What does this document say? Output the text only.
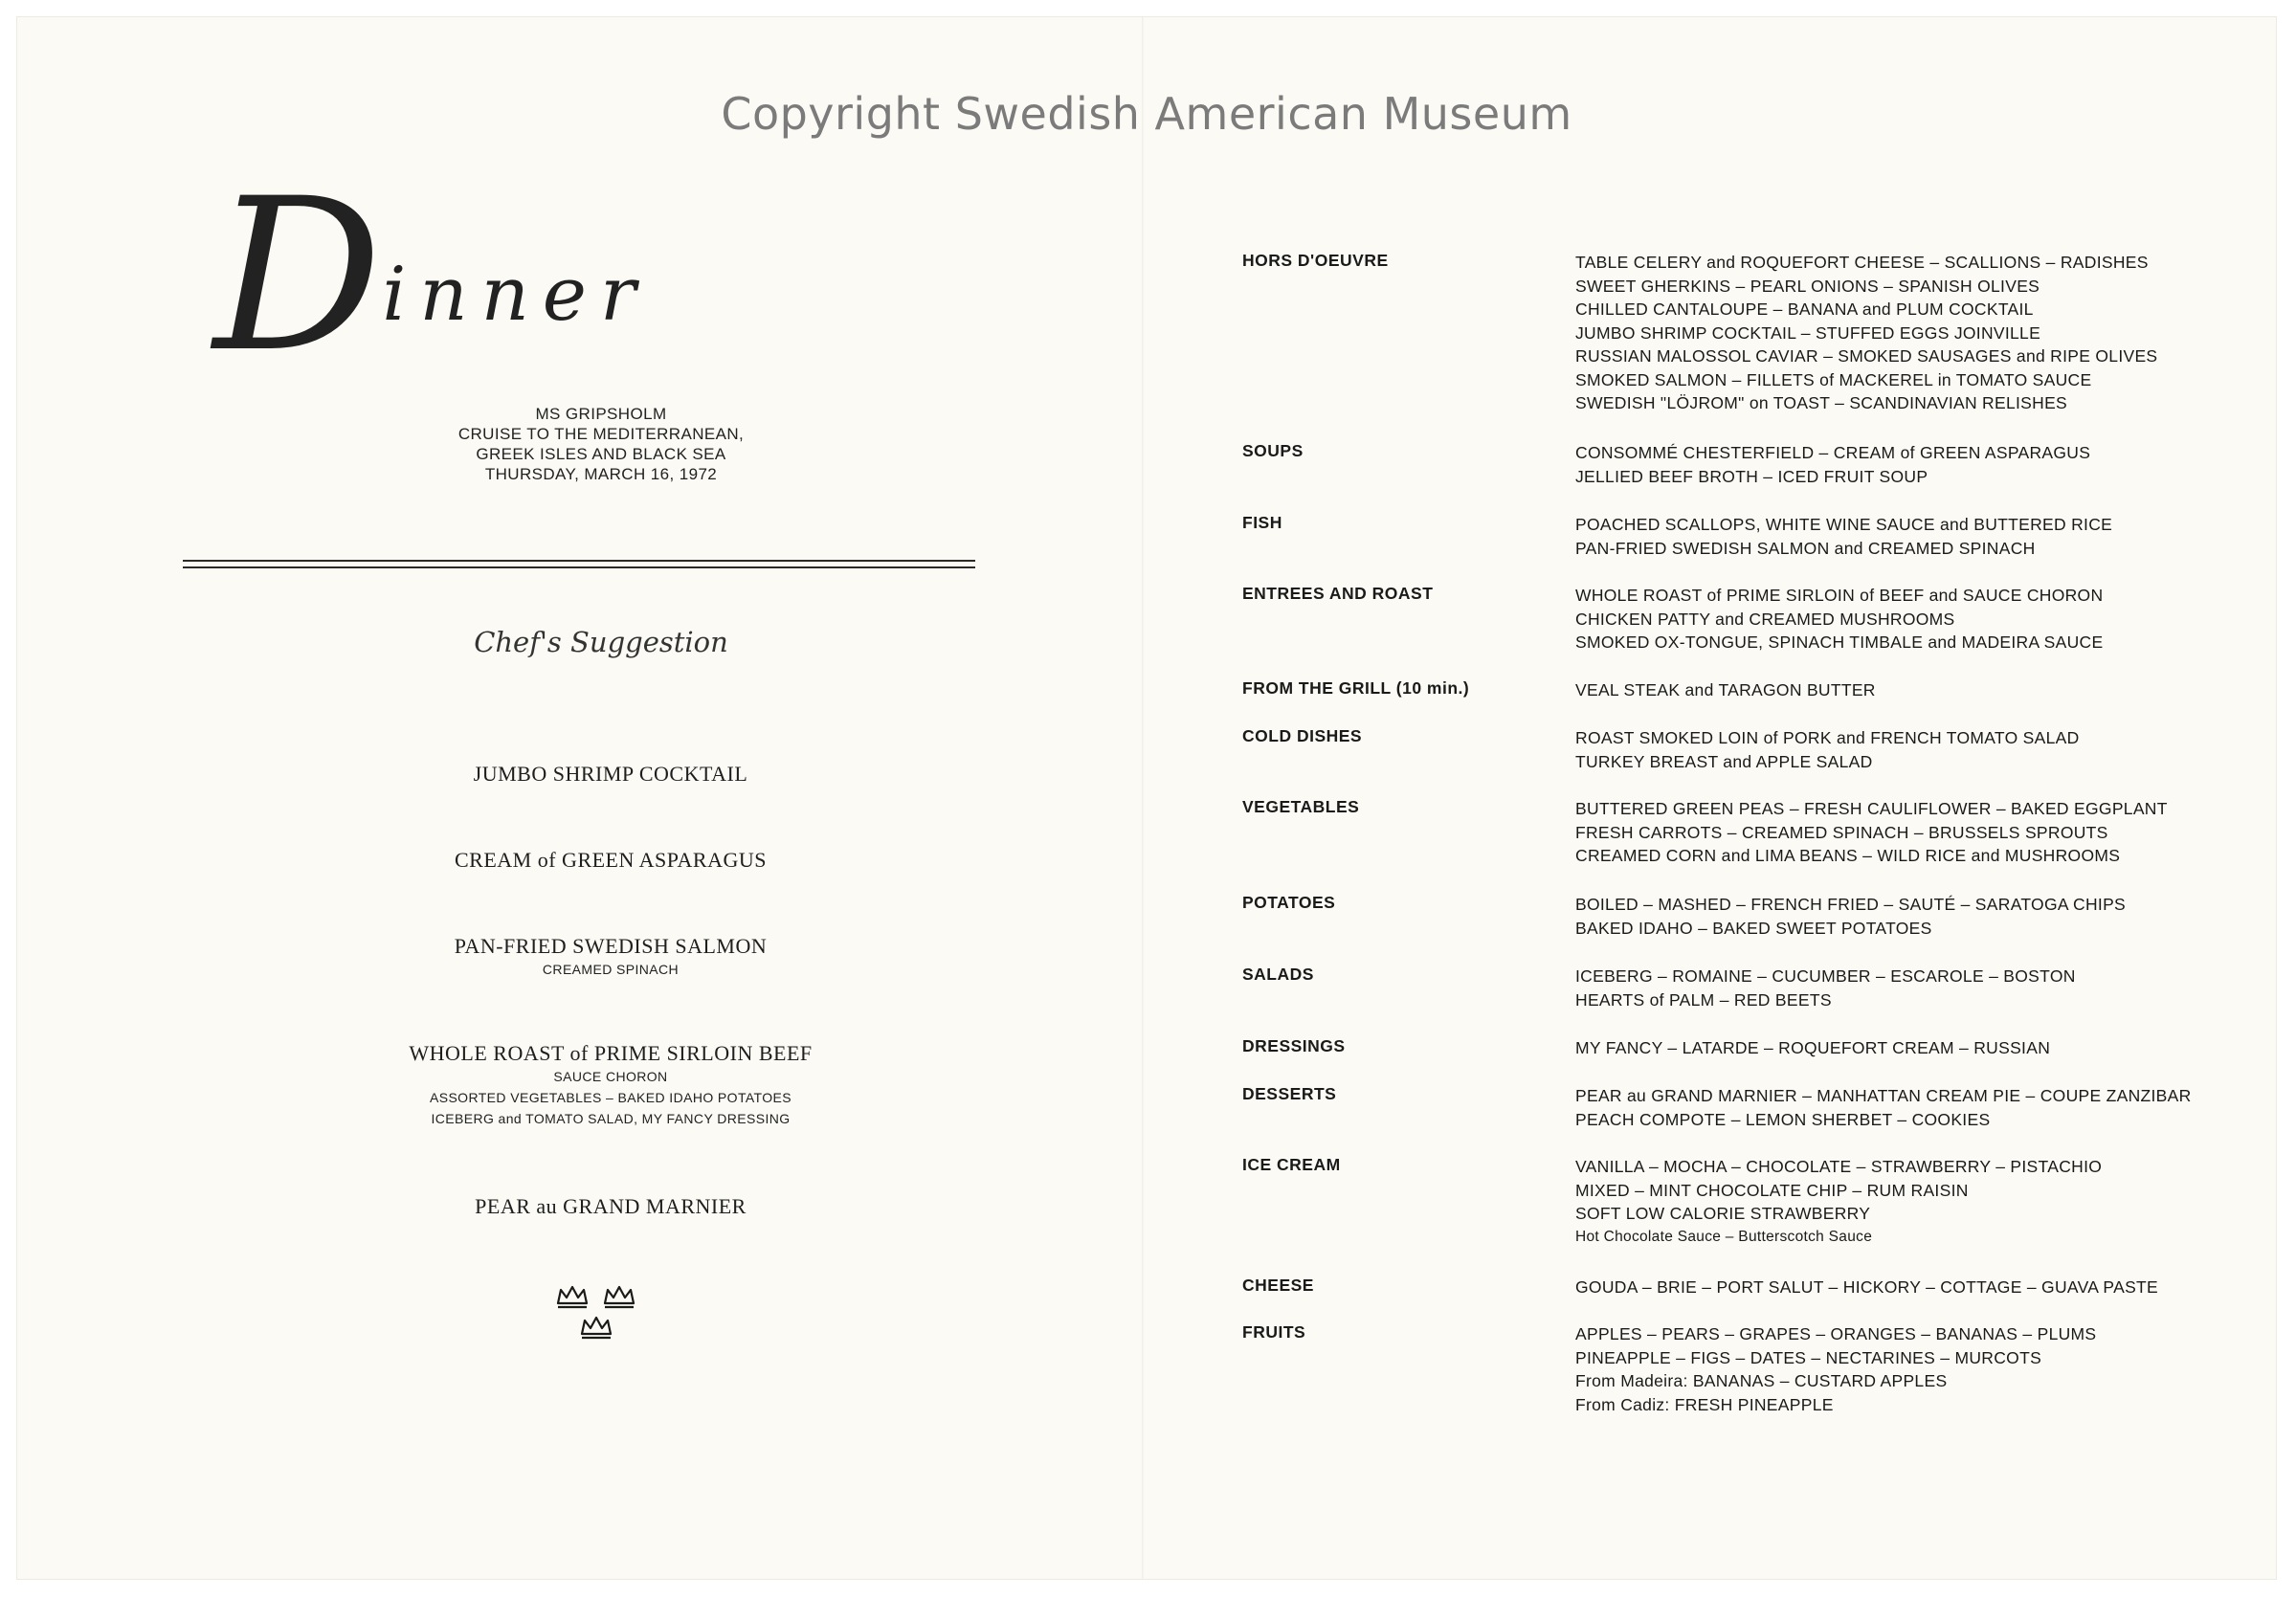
Copyright Swedish American Museum
Dinner
MS GRIPSHOLM
CRUISE TO THE MEDITERRANEAN,
GREEK ISLES AND BLACK SEA
THURSDAY, MARCH 16, 1972
Chef's Suggestion
JUMBO SHRIMP COCKTAIL
CREAM of GREEN ASPARAGUS
PAN-FRIED SWEDISH SALMON
CREAMED SPINACH
WHOLE ROAST of PRIME SIRLOIN BEEF
SAUCE CHORON
ASSORTED VEGETABLES – BAKED IDAHO POTATOES
ICEBERG and TOMATO SALAD, MY FANCY DRESSING
PEAR au GRAND MARNIER
HORS D'OEUVRE	TABLE CELERY and ROQUEFORT CHEESE – SCALLIONS – RADISHES
SWEET GHERKINS – PEARL ONIONS – SPANISH OLIVES
CHILLED CANTALOUPE – BANANA and PLUM COCKTAIL
JUMBO SHRIMP COCKTAIL – STUFFED EGGS JOINVILLE
RUSSIAN MALOSSOL CAVIAR – SMOKED SAUSAGES and RIPE OLIVES
SMOKED SALMON – FILLETS of MACKEREL in TOMATO SAUCE
SWEDISH "LÖJROM" on TOAST – SCANDINAVIAN RELISHES
SOUPS	CONSOMMÉ CHESTERFIELD – CREAM of GREEN ASPARAGUS
JELLIED BEEF BROTH – ICED FRUIT SOUP
FISH	POACHED SCALLOPS, WHITE WINE SAUCE and BUTTERED RICE
PAN-FRIED SWEDISH SALMON and CREAMED SPINACH
ENTREES AND ROAST	WHOLE ROAST of PRIME SIRLOIN of BEEF and SAUCE CHORON
CHICKEN PATTY and CREAMED MUSHROOMS
SMOKED OX-TONGUE, SPINACH TIMBALE and MADEIRA SAUCE
FROM THE GRILL (10 min.)	VEAL STEAK and TARAGON BUTTER
COLD DISHES	ROAST SMOKED LOIN of PORK and FRENCH TOMATO SALAD
TURKEY BREAST and APPLE SALAD
VEGETABLES	BUTTERED GREEN PEAS – FRESH CAULIFLOWER – BAKED EGGPLANT
FRESH CARROTS – CREAMED SPINACH – BRUSSELS SPROUTS
CREAMED CORN and LIMA BEANS – WILD RICE and MUSHROOMS
POTATOES	BOILED – MASHED – FRENCH FRIED – SAUTÉ – SARATOGA CHIPS
BAKED IDAHO – BAKED SWEET POTATOES
SALADS	ICEBERG – ROMAINE – CUCUMBER – ESCAROLE – BOSTON
HEARTS of PALM – RED BEETS
DRESSINGS	MY FANCY – LATARDE – ROQUEFORT CREAM – RUSSIAN
DESSERTS	PEAR au GRAND MARNIER – MANHATTAN CREAM PIE – COUPE ZANZIBAR
PEACH COMPOTE – LEMON SHERBET – COOKIES
ICE CREAM	VANILLA – MOCHA – CHOCOLATE – STRAWBERRY – PISTACHIO
MIXED – MINT CHOCOLATE CHIP – RUM RAISIN
SOFT LOW CALORIE STRAWBERRY
Hot Chocolate Sauce – Butterscotch Sauce
CHEESE	GOUDA – BRIE – PORT SALUT – HICKORY – COTTAGE – GUAVA PASTE
FRUITS	APPLES – PEARS – GRAPES – ORANGES – BANANAS – PLUMS
PINEAPPLE – FIGS – DATES – NECTARINES – MURCOTS
From Madeira: BANANAS – CUSTARD APPLES
From Cadiz: FRESH PINEAPPLE
